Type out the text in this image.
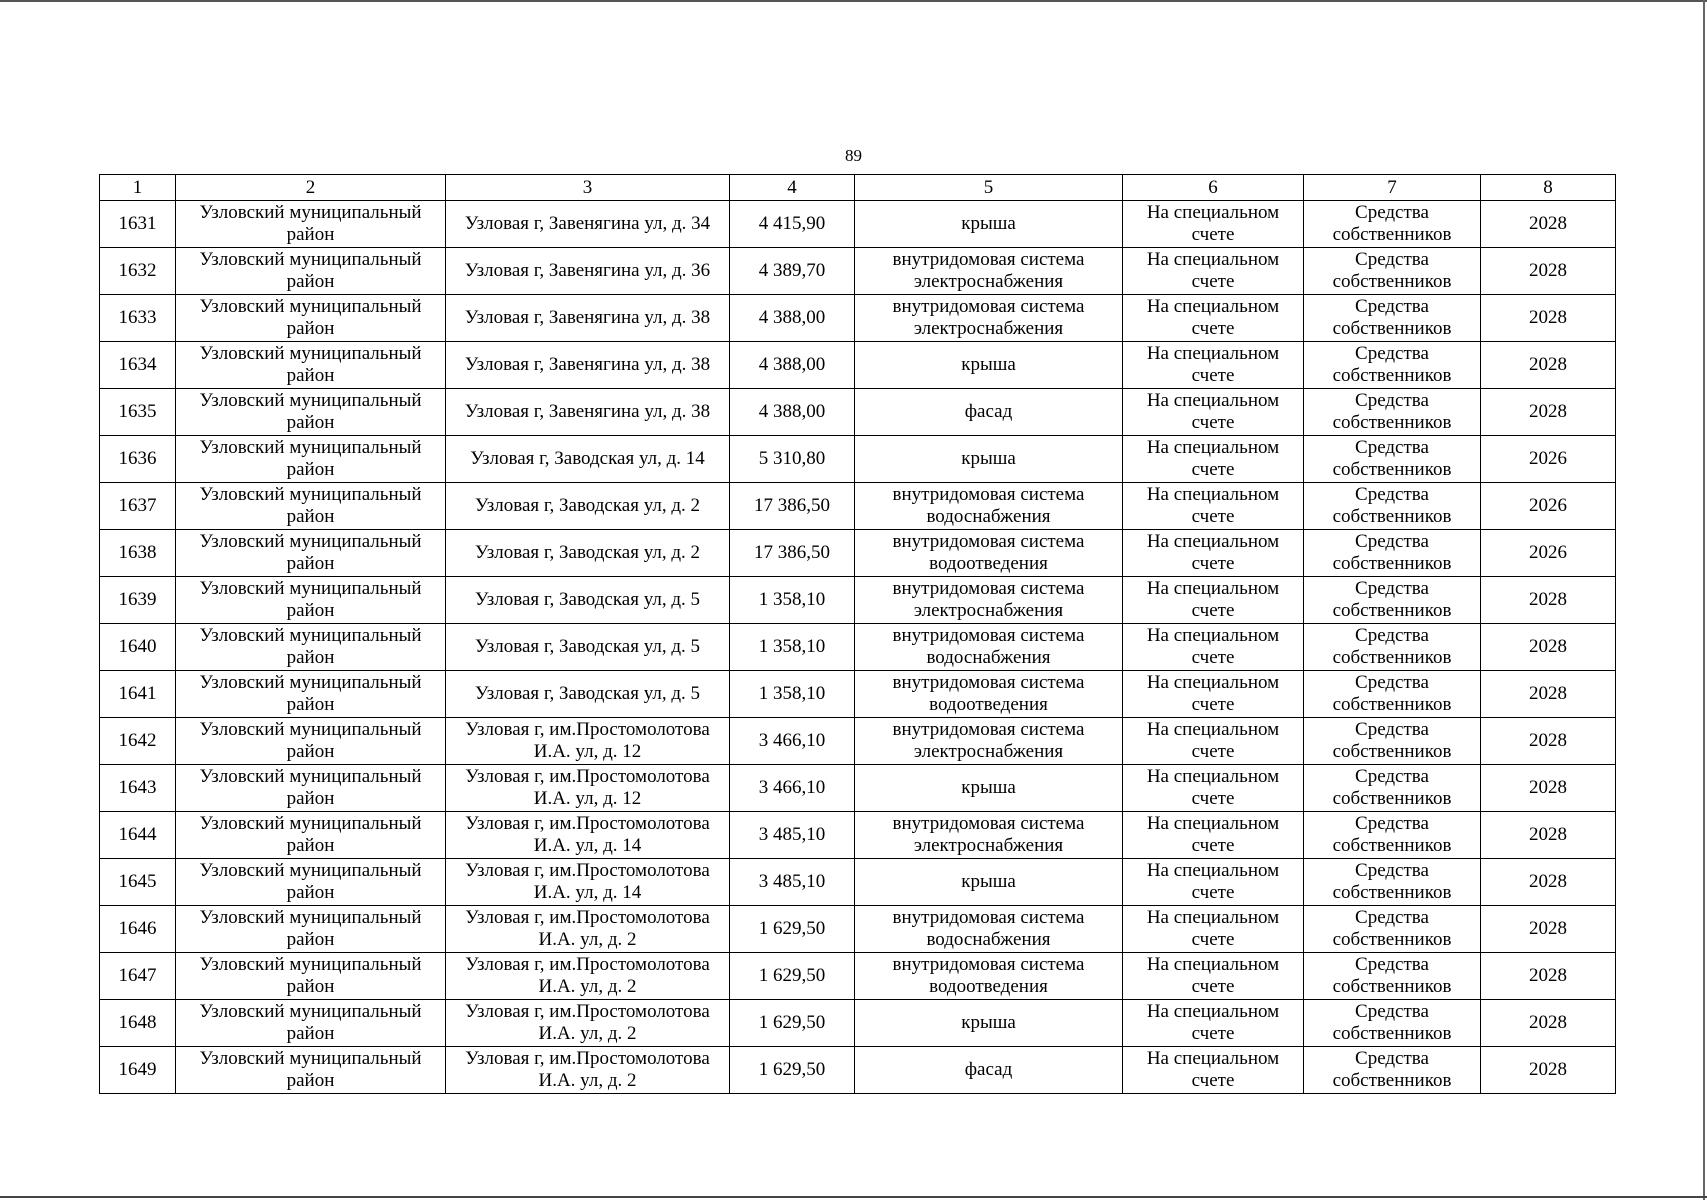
89
1	2	3	4	5	6	7	8
1631	Узловский муниципальный район	Узловая г, Завенягина ул, д. 34	4 415,90	крыша	На специальном счете	Средства собственников	2028
1632	Узловский муниципальный район	Узловая г, Завенягина ул, д. 36	4 389,70	внутридомовая система электроснабжения	На специальном счете	Средства собственников	2028
1633	Узловский муниципальный район	Узловая г, Завенягина ул, д. 38	4 388,00	внутридомовая система электроснабжения	На специальном счете	Средства собственников	2028
1634	Узловский муниципальный район	Узловая г, Завенягина ул, д. 38	4 388,00	крыша	На специальном счете	Средства собственников	2028
1635	Узловский муниципальный район	Узловая г, Завенягина ул, д. 38	4 388,00	фасад	На специальном счете	Средства собственников	2028
1636	Узловский муниципальный район	Узловая г, Заводская ул, д. 14	5 310,80	крыша	На специальном счете	Средства собственников	2026
1637	Узловский муниципальный район	Узловая г, Заводская ул, д. 2	17 386,50	внутридомовая система водоснабжения	На специальном счете	Средства собственников	2026
1638	Узловский муниципальный район	Узловая г, Заводская ул, д. 2	17 386,50	внутридомовая система водоотведения	На специальном счете	Средства собственников	2026
1639	Узловский муниципальный район	Узловая г, Заводская ул, д. 5	1 358,10	внутридомовая система электроснабжения	На специальном счете	Средства собственников	2028
1640	Узловский муниципальный район	Узловая г, Заводская ул, д. 5	1 358,10	внутридомовая система водоснабжения	На специальном счете	Средства собственников	2028
1641	Узловский муниципальный район	Узловая г, Заводская ул, д. 5	1 358,10	внутридомовая система водоотведения	На специальном счете	Средства собственников	2028
1642	Узловский муниципальный район	Узловая г, им.Простомолотова И.А. ул, д. 12	3 466,10	внутридомовая система электроснабжения	На специальном счете	Средства собственников	2028
1643	Узловский муниципальный район	Узловая г, им.Простомолотова И.А. ул, д. 12	3 466,10	крыша	На специальном счете	Средства собственников	2028
1644	Узловский муниципальный район	Узловая г, им.Простомолотова И.А. ул, д. 14	3 485,10	внутридомовая система электроснабжения	На специальном счете	Средства собственников	2028
1645	Узловский муниципальный район	Узловая г, им.Простомолотова И.А. ул, д. 14	3 485,10	крыша	На специальном счете	Средства собственников	2028
1646	Узловский муниципальный район	Узловая г, им.Простомолотова И.А. ул, д. 2	1 629,50	внутридомовая система водоснабжения	На специальном счете	Средства собственников	2028
1647	Узловский муниципальный район	Узловая г, им.Простомолотова И.А. ул, д. 2	1 629,50	внутридомовая система водоотведения	На специальном счете	Средства собственников	2028
1648	Узловский муниципальный район	Узловая г, им.Простомолотова И.А. ул, д. 2	1 629,50	крыша	На специальном счете	Средства собственников	2028
1649	Узловский муниципальный район	Узловая г, им.Простомолотова И.А. ул, д. 2	1 629,50	фасад	На специальном счете	Средства собственников	2028
